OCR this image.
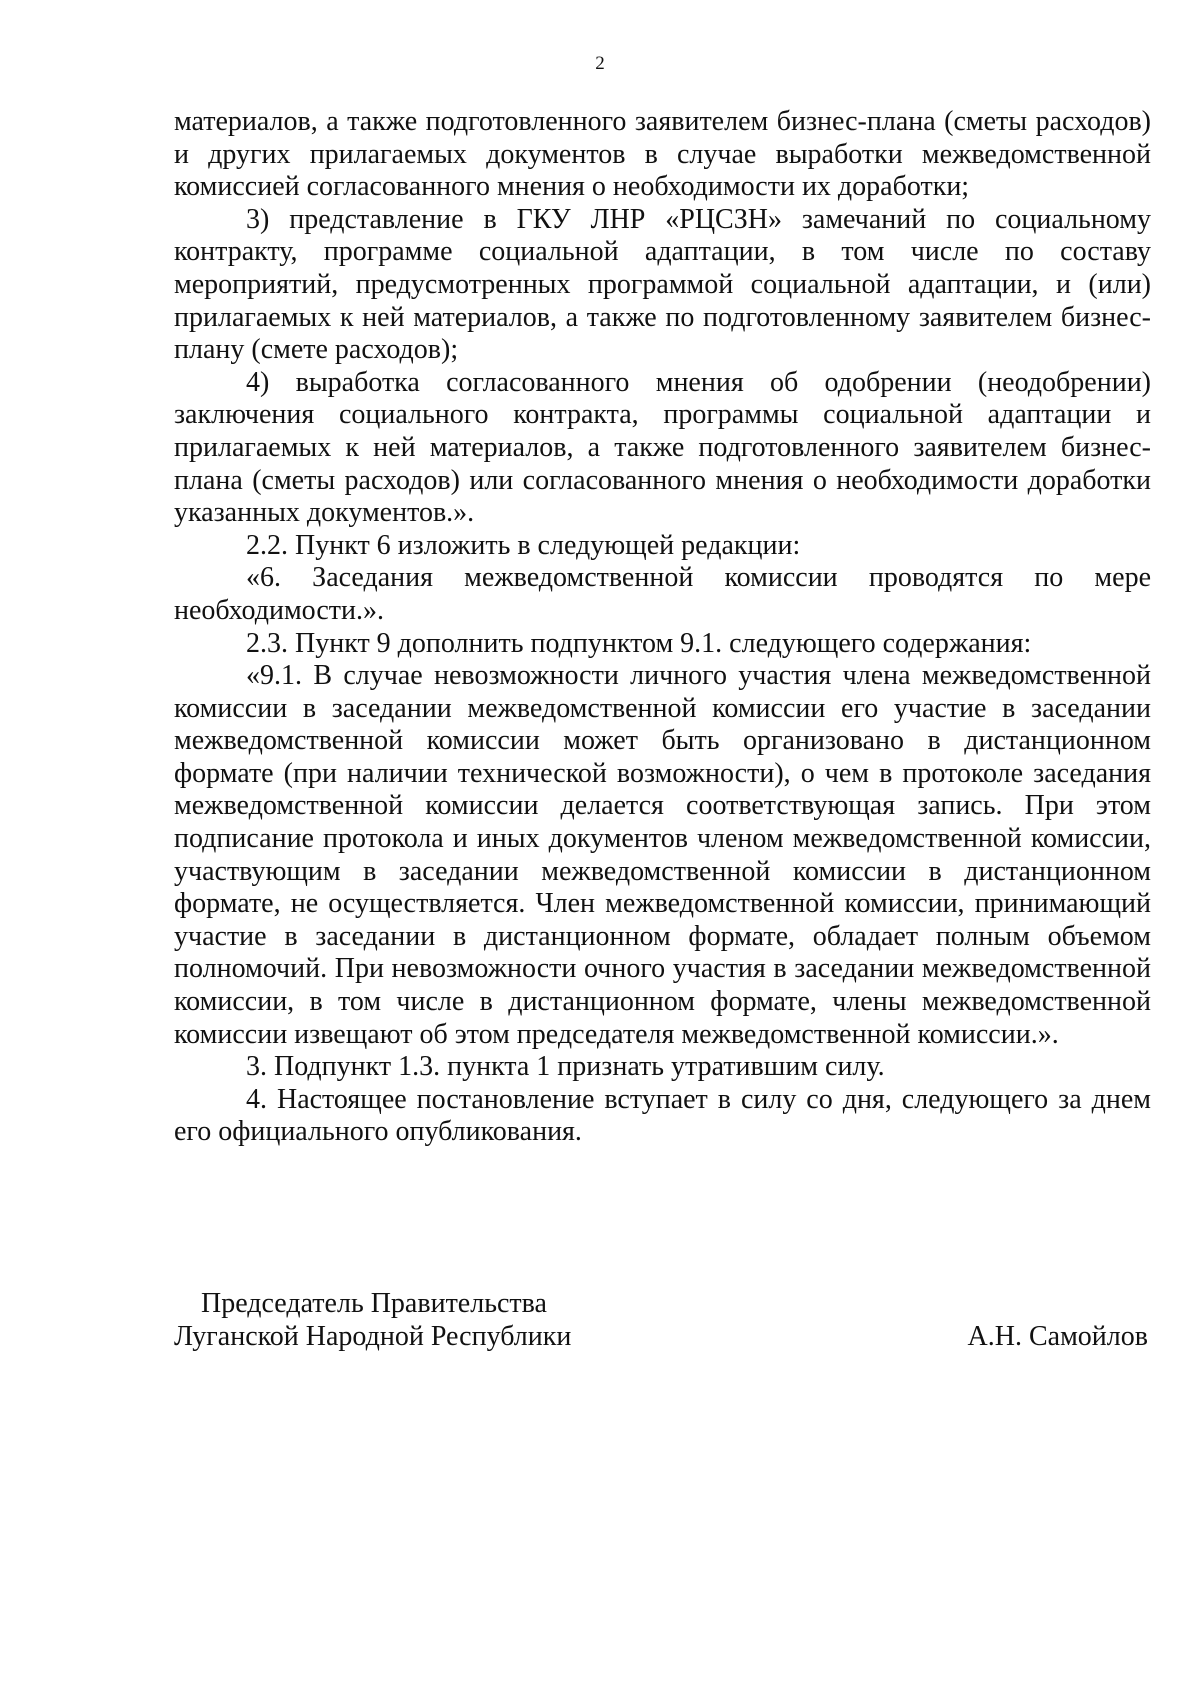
2

материалов, а также подготовленного заявителем бизнес-плана (сметы расходов) и других прилагаемых документов в случае выработки межведомственной комиссией согласованного мнения о необходимости их доработки;

3) представление в ГКУ ЛНР «РЦСЗН» замечаний по социальному контракту, программе социальной адаптации, в том числе по составу мероприятий, предусмотренных программой социальной адаптации, и (или) прилагаемых к ней материалов, а также по подготовленному заявителем бизнес-плану (смете расходов);

4) выработка согласованного мнения об одобрении (неодобрении) заключения социального контракта, программы социальной адаптации и прилагаемых к ней материалов, а также подготовленного заявителем бизнес-плана (сметы расходов) или согласованного мнения о необходимости доработки указанных документов.».

2.2. Пункт 6 изложить в следующей редакции:

«6. Заседания межведомственной комиссии проводятся по мере необходимости.».

2.3. Пункт 9 дополнить подпунктом 9.1. следующего содержания:

«9.1. В случае невозможности личного участия члена межведомственной комиссии в заседании межведомственной комиссии его участие в заседании межведомственной комиссии может быть организовано в дистанционном формате (при наличии технической возможности), о чем в протоколе заседания межведомственной комиссии делается соответствующая запись. При этом подписание протокола и иных документов членом межведомственной комиссии, участвующим в заседании межведомственной комиссии в дистанционном формате, не осуществляется. Член межведомственной комиссии, принимающий участие в заседании в дистанционном формате, обладает полным объемом полномочий. При невозможности очного участия в заседании межведомственной комиссии, в том числе в дистанционном формате, члены межведомственной комиссии извещают об этом председателя межведомственной комиссии.».

3. Подпункт 1.3. пункта 1 признать утратившим силу.

4. Настоящее постановление вступает в силу со дня, следующего за днем его официального опубликования.

Председатель Правительства
Луганской Народной Республики	А.Н. Самойлов
